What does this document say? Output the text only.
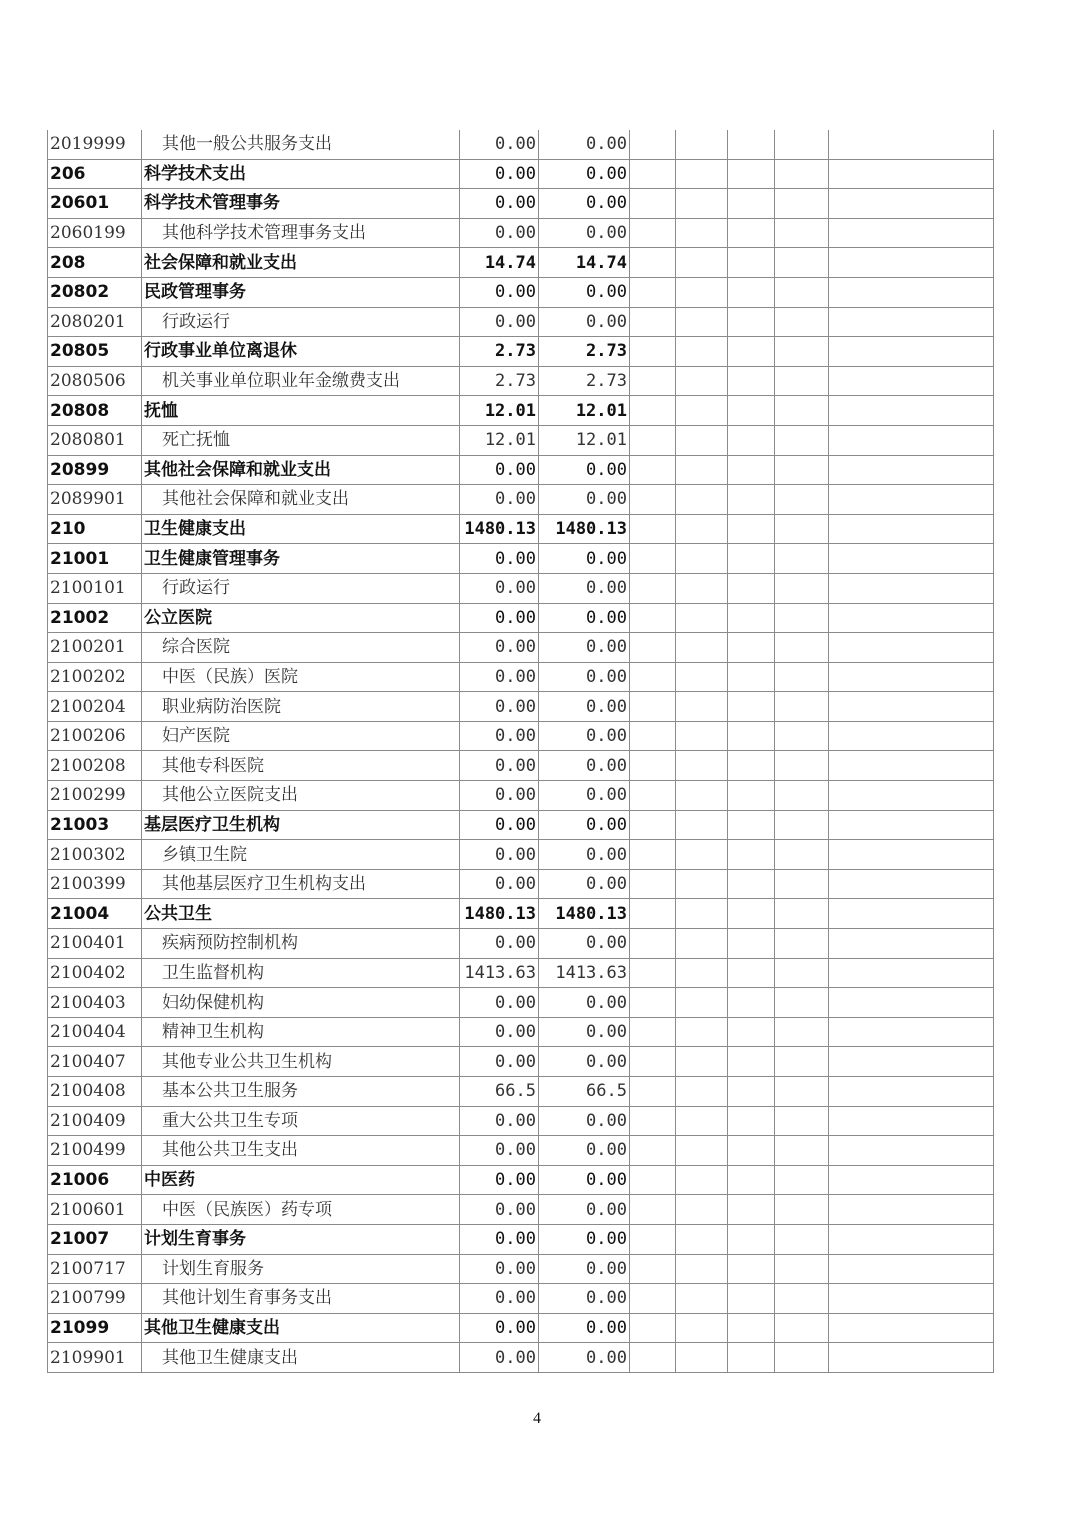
2019999	其他一般公共服务支出	0.00	0.00					
206	科学技术支出	0.00	0.00					
20601	科学技术管理事务	0.00	0.00					
2060199	其他科学技术管理事务支出	0.00	0.00					
208	社会保障和就业支出	14.74	14.74					
20802	民政管理事务	0.00	0.00					
2080201	行政运行	0.00	0.00					
20805	行政事业单位离退休	2.73	2.73					
2080506	机关事业单位职业年金缴费支出	2.73	2.73					
20808	抚恤	12.01	12.01					
2080801	死亡抚恤	12.01	12.01					
20899	其他社会保障和就业支出	0.00	0.00					
2089901	其他社会保障和就业支出	0.00	0.00					
210	卫生健康支出	1480.13	1480.13					
21001	卫生健康管理事务	0.00	0.00					
2100101	行政运行	0.00	0.00					
21002	公立医院	0.00	0.00					
2100201	综合医院	0.00	0.00					
2100202	中医（民族）医院	0.00	0.00					
2100204	职业病防治医院	0.00	0.00					
2100206	妇产医院	0.00	0.00					
2100208	其他专科医院	0.00	0.00					
2100299	其他公立医院支出	0.00	0.00					
21003	基层医疗卫生机构	0.00	0.00					
2100302	乡镇卫生院	0.00	0.00					
2100399	其他基层医疗卫生机构支出	0.00	0.00					
21004	公共卫生	1480.13	1480.13					
2100401	疾病预防控制机构	0.00	0.00					
2100402	卫生监督机构	1413.63	1413.63					
2100403	妇幼保健机构	0.00	0.00					
2100404	精神卫生机构	0.00	0.00					
2100407	其他专业公共卫生机构	0.00	0.00					
2100408	基本公共卫生服务	66.5	66.5					
2100409	重大公共卫生专项	0.00	0.00					
2100499	其他公共卫生支出	0.00	0.00					
21006	中医药	0.00	0.00					
2100601	中医（民族医）药专项	0.00	0.00					
21007	计划生育事务	0.00	0.00					
2100717	计划生育服务	0.00	0.00					
2100799	其他计划生育事务支出	0.00	0.00					
21099	其他卫生健康支出	0.00	0.00					
2109901	其他卫生健康支出	0.00	0.00					
4
